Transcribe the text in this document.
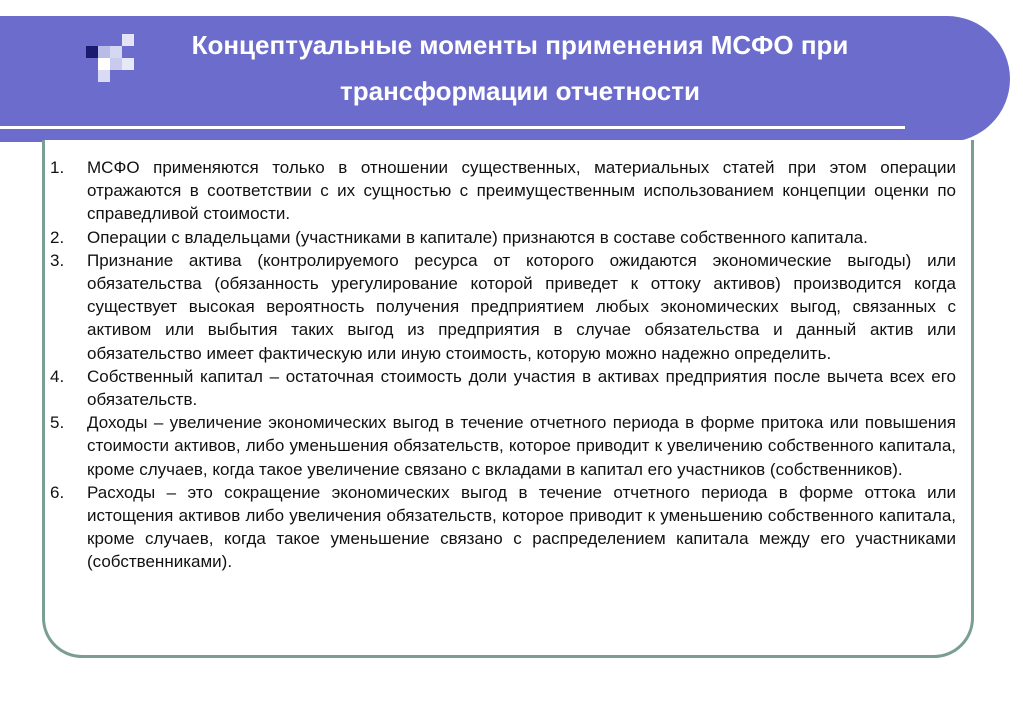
Концептуальные моменты применения МСФО при трансформации отчетности
1.	МСФО применяются только в отношении существенных, материальных статей при этом операции отражаются в соответствии с их сущностью с преимущественным использованием концепции оценки по справедливой стоимости.
2.	Операции с владельцами (участниками в капитале) признаются в составе собственного капитала.
3.	Признание актива (контролируемого ресурса от которого ожидаются экономические выгоды) или обязательства (обязанность урегулирование которой приведет к оттоку активов) производится когда существует высокая вероятность получения предприятием любых экономических выгод, связанных с активом или выбытия таких выгод из предприятия в случае обязательства и данный актив или обязательство имеет фактическую или иную стоимость, которую можно надежно определить.
4.	Собственный капитал – остаточная стоимость доли участия в активах предприятия после вычета всех его обязательств.
5.	Доходы – увеличение экономических выгод в течение отчетного периода в форме притока или повышения стоимости активов, либо уменьшения обязательств, которое приводит к увеличению собственного капитала, кроме случаев, когда такое увеличение связано с вкладами в капитал его участников (собственников).
6.	Расходы – это сокращение экономических выгод в течение отчетного периода в форме оттока или истощения активов либо увеличения обязательств, которое приводит к уменьшению собственного капитала, кроме случаев, когда такое уменьшение связано с распределением капитала между его участниками (собственниками).
